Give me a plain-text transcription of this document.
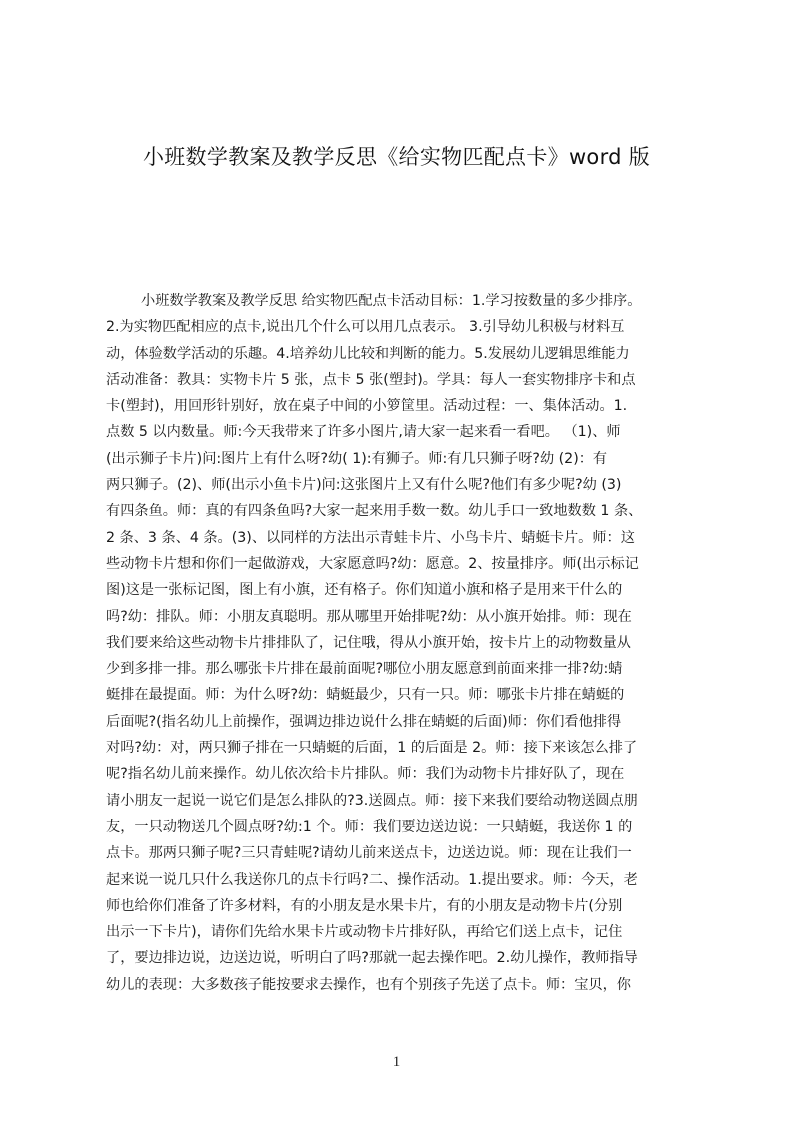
小班数学教案及教学反思《给实物匹配点卡》word 版
小班数学教案及教学反思 给实物匹配点卡活动目标：1.学习按数量的多少排序。
2.为实物匹配相应的点卡,说出几个什么可以用几点表示。 3.引导幼儿积极与材料互
动，体验数学活动的乐趣。4.培养幼儿比较和判断的能力。5.发展幼儿逻辑思维能力
活动准备：教具：实物卡片 5 张，点卡 5 张(塑封)。学具：每人一套实物排序卡和点
卡(塑封)，用回形针别好，放在桌子中间的小箩筐里。活动过程：一、集体活动。1.
点数 5 以内数量。师:今天我带来了许多小图片,请大家一起来看一看吧。 （1)、师
(出示狮子卡片)问:图片上有什么呀?幼( 1):有狮子。师:有几只狮子呀?幼 (2)：有
两只狮子。(2)、师(出示小鱼卡片)问:这张图片上又有什么呢?他们有多少呢?幼 (3)
有四条鱼。师：真的有四条鱼吗?大家一起来用手数一数。幼儿手口一致地数数 1 条、
2 条、3 条、4 条。(3)、以同样的方法出示青蛙卡片、小鸟卡片、蜻蜓卡片。师：这
些动物卡片想和你们一起做游戏，大家愿意吗?幼：愿意。2、按量排序。师(出示标记
图)这是一张标记图，图上有小旗，还有格子。你们知道小旗和格子是用来干什么的
吗?幼：排队。师：小朋友真聪明。那从哪里开始排呢?幼：从小旗开始排。师：现在
我们要来给这些动物卡片排排队了，记住哦，得从小旗开始，按卡片上的动物数量从
少到多排一排。那么哪张卡片排在最前面呢?哪位小朋友愿意到前面来排一排?幼:蜻
蜓排在最提面。师：为什么呀?幼：蜻蜓最少，只有一只。师：哪张卡片排在蜻蜓的
后面呢?(指名幼儿上前操作，强调边排边说什么排在蜻蜓的后面)师：你们看他排得
对吗?幼：对，两只狮子排在一只蜻蜓的后面，1 的后面是 2。师：接下来该怎么排了
呢?指名幼儿前来操作。幼儿依次给卡片排队。师：我们为动物卡片排好队了，现在
请小朋友一起说一说它们是怎么排队的?3.送圆点。师：接下来我们要给动物送圆点朋
友，一只动物送几个圆点呀?幼:1 个。师：我们要边送边说：一只蜻蜓，我送你 1 的
点卡。那两只狮子呢?三只青蛙呢?请幼儿前来送点卡，边送边说。师：现在让我们一
起来说一说几只什么我送你几的点卡行吗?二、操作活动。1.提出要求。师：今天，老
师也给你们准备了许多材料，有的小朋友是水果卡片，有的小朋友是动物卡片(分别
出示一下卡片)，请你们先给水果卡片或动物卡片排好队，再给它们送上点卡，记住
了，要边排边说，边送边说，听明白了吗?那就一起去操作吧。2.幼儿操作，教师指导
幼儿的表现：大多数孩子能按要求去操作，也有个别孩子先送了点卡。师：宝贝，你
1
